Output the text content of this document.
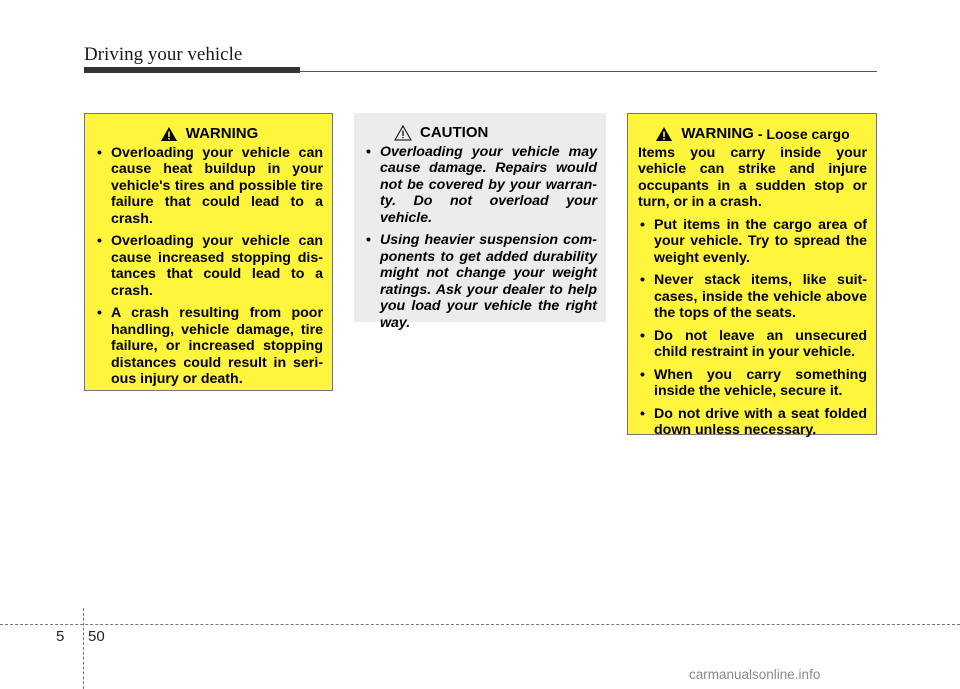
Driving your vehicle
WARNING
• Overloading your vehicle can cause heat buildup in your vehicle's tires and possible tire failure that could lead to a crash.
• Overloading your vehicle can cause increased stopping dis-tances that could lead to a crash.
• A crash resulting from poor handling, vehicle damage, tire failure, or increased stopping distances could result in seri-ous injury or death.
CAUTION
• Overloading your vehicle may cause damage. Repairs would not be covered by your warran-ty. Do not overload your vehicle.
• Using heavier suspension com-ponents to get added durability might not change your weight ratings. Ask your dealer to help you load your vehicle the right way.
WARNING - Loose cargo
Items you carry inside your vehicle can strike and injure occupants in a sudden stop or turn, or in a crash.
• Put items in the cargo area of your vehicle. Try to spread the weight evenly.
• Never stack items, like suit-cases, inside the vehicle above the tops of the seats.
• Do not leave an unsecured child restraint in your vehicle.
• When you carry something inside the vehicle, secure it.
• Do not drive with a seat folded down unless necessary.
5 50
carmanualsonline.info
